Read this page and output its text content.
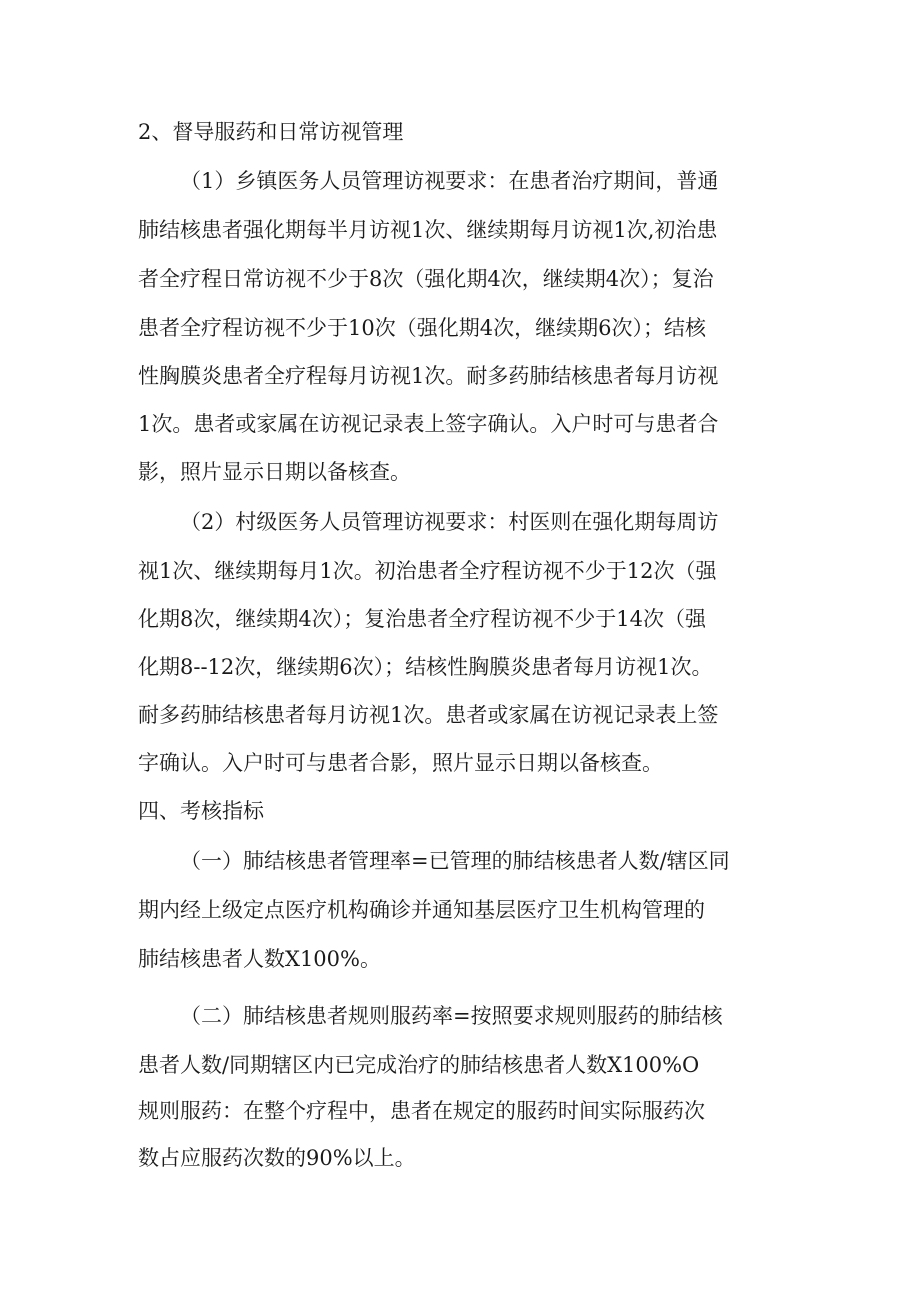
2、督导服药和日常访视管理
（1）乡镇医务人员管理访视要求：在患者治疗期间，普通
肺结核患者强化期每半月访视1次、继续期每月访视1次,初治患
者全疗程日常访视不少于8次（强化期4次，继续期4次）；复治
患者全疗程访视不少于10次（强化期4次，继续期6次）；结核
性胸膜炎患者全疗程每月访视1次。耐多药肺结核患者每月访视
1次。患者或家属在访视记录表上签字确认。入户时可与患者合
影，照片显示日期以备核查。
（2）村级医务人员管理访视要求：村医则在强化期每周访
视1次、继续期每月1次。初治患者全疗程访视不少于12次（强
化期8次，继续期4次）；复治患者全疗程访视不少于14次（强
化期8--12次，继续期6次）；结核性胸膜炎患者每月访视1次。
耐多药肺结核患者每月访视1次。患者或家属在访视记录表上签
字确认。入户时可与患者合影，照片显示日期以备核查。
四、考核指标
（一）肺结核患者管理率=已管理的肺结核患者人数/辖区同
期内经上级定点医疗机构确诊并通知基层医疗卫生机构管理的
肺结核患者人数X100%。
（二）肺结核患者规则服药率=按照要求规则服药的肺结核
患者人数/同期辖区内已完成治疗的肺结核患者人数X100%O
规则服药：在整个疗程中，患者在规定的服药时间实际服药次
数占应服药次数的90%以上。
